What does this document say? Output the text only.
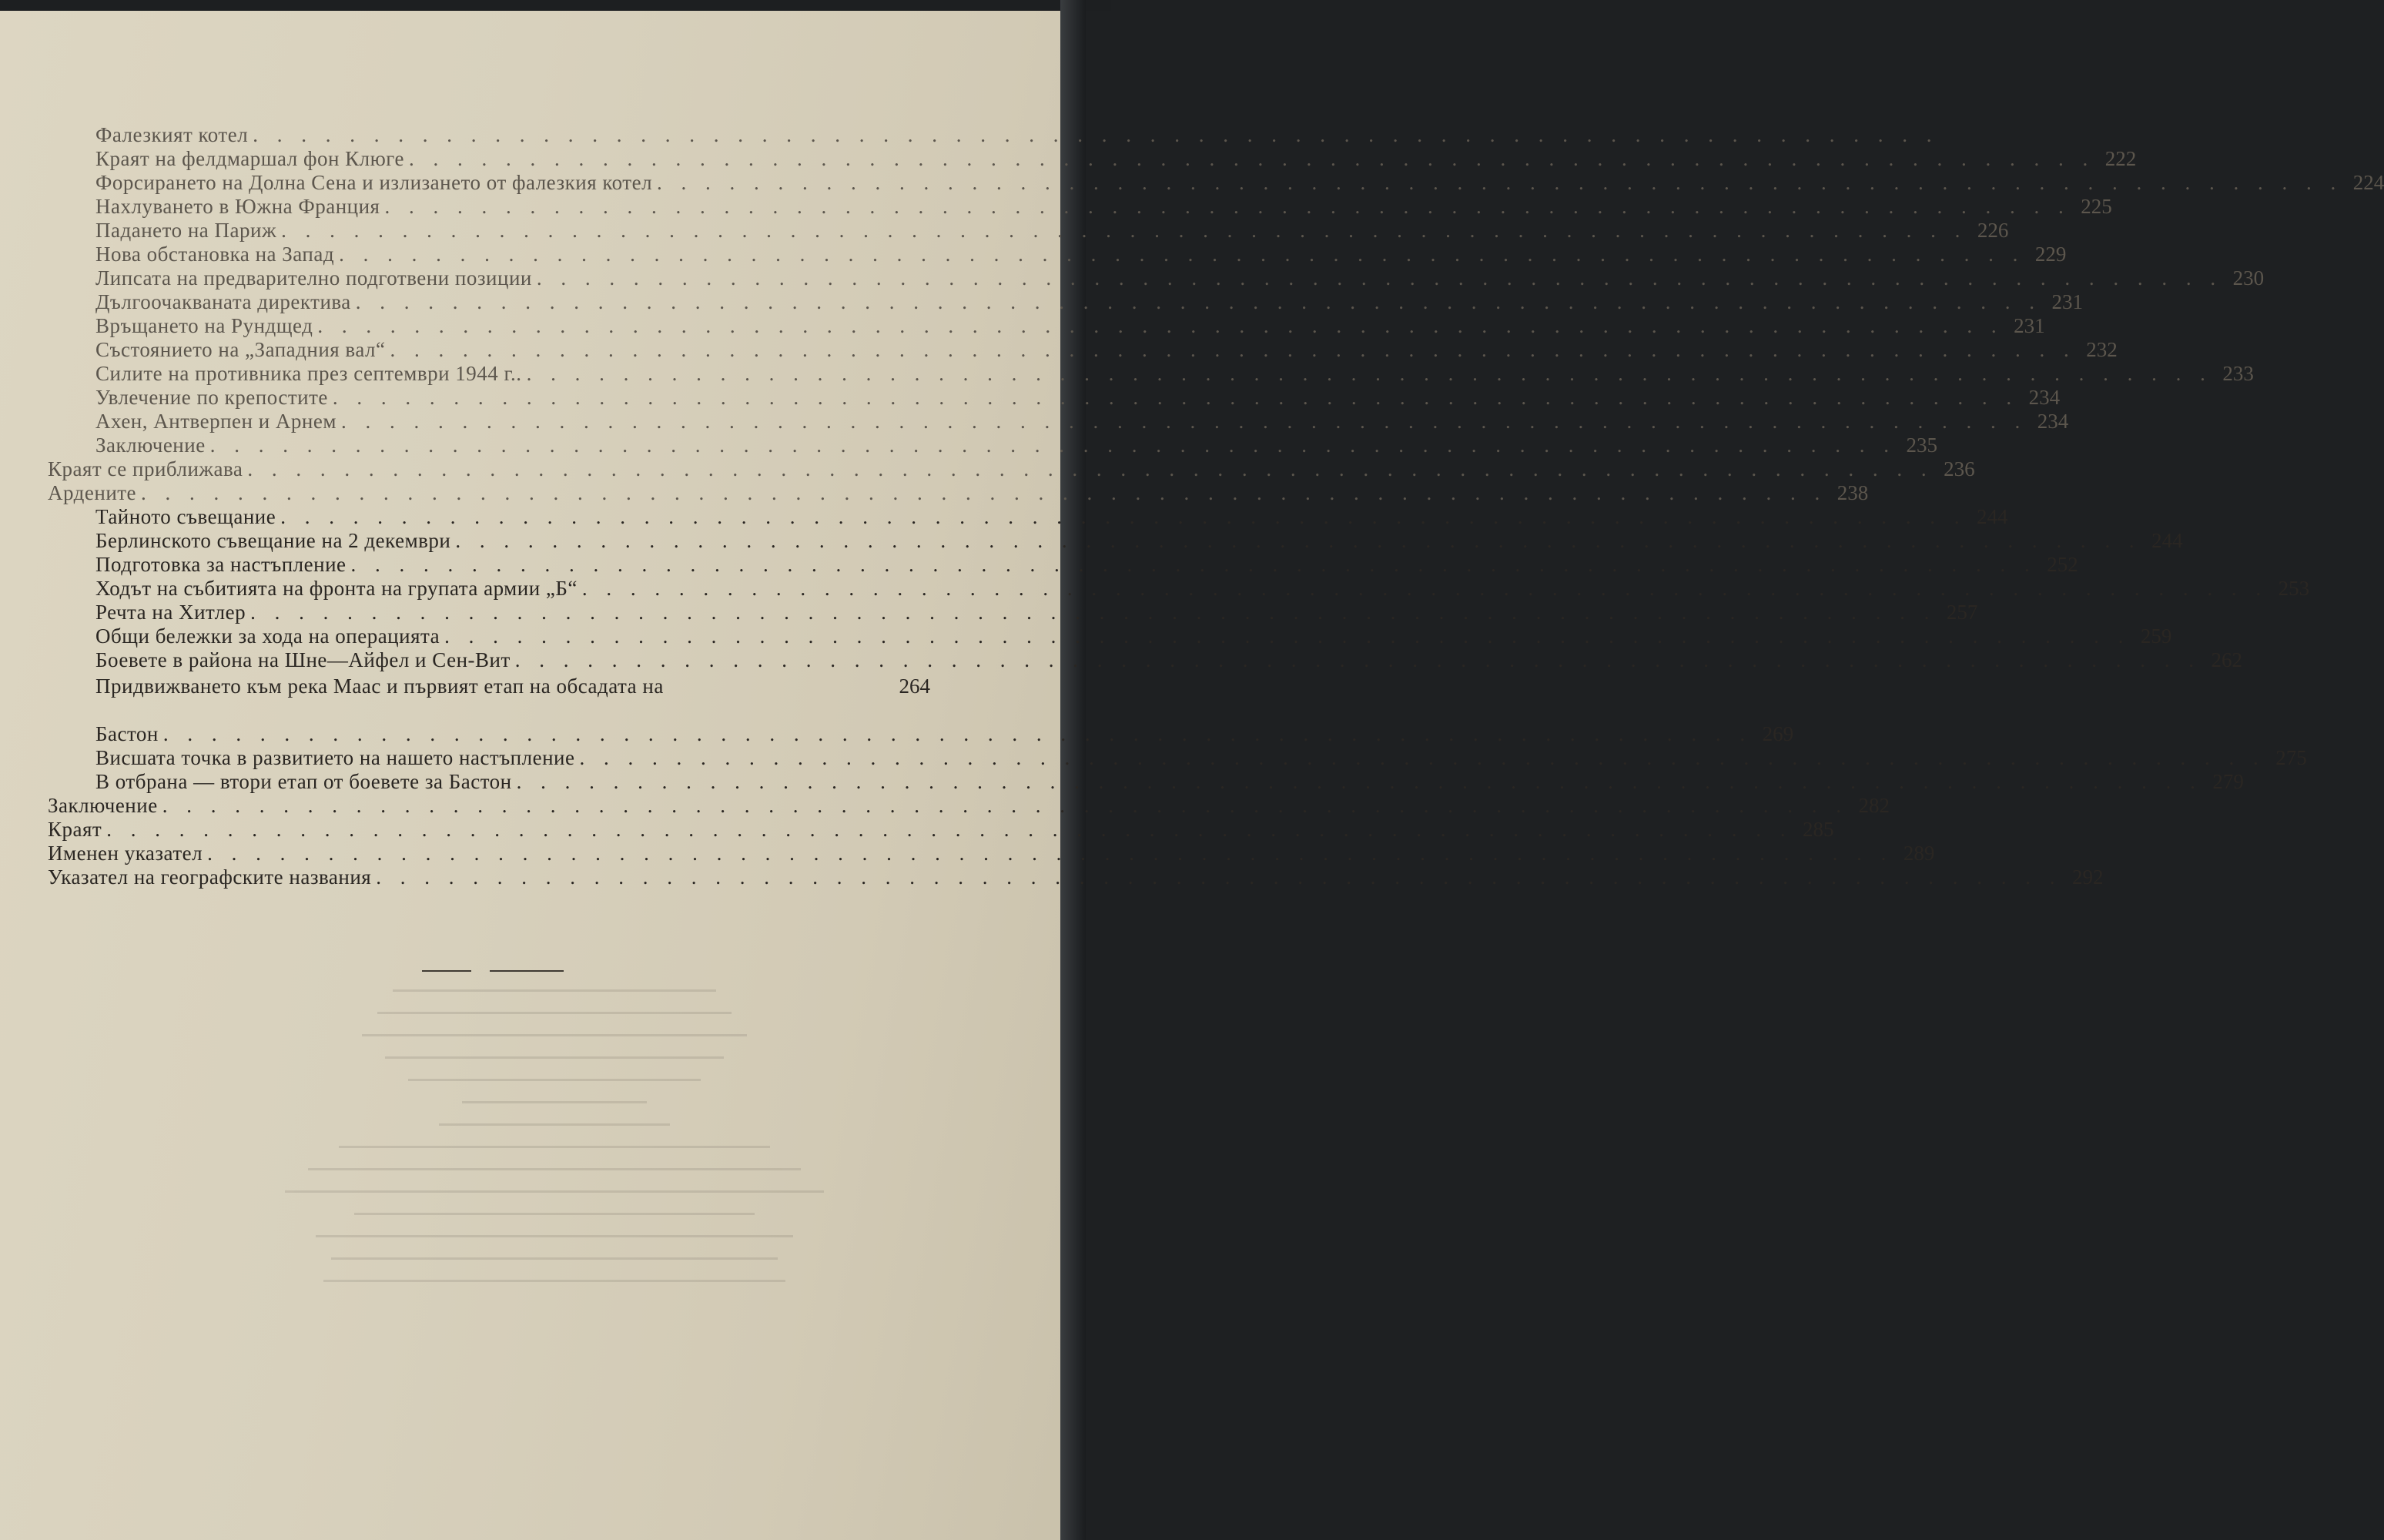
Фалезкият котел . . . . . . . . . . . . . . . . . . . . . . . . . . . . . . . . . . . . . . . . . . . . . . . . . . . . . . . . . . . . . . . . . . . . . .
Краят на фелдмаршал фон Клюге . . . . . . . . . . . . . . . . . . . . . . . . . . . . . . . . . . . . . . . . . . . . . . . . . . . . . . . . . . . . . . . . . . . . . . 222
Форсирането на Долна Сена и излизането от фалезкия котел . . . . . . . . . . . . . . . . . . . . . . . . . . . . . . . . . . . . . . . . . . . . . . . . . . . . . . . . . . . . . . . . . . . . . . 224
Нахлуването в Южна Франция . . . . . . . . . . . . . . . . . . . . . . . . . . . . . . . . . . . . . . . . . . . . . . . . . . . . . . . . . . . . . . . . . . . . . . 225
Падането на Париж . . . . . . . . . . . . . . . . . . . . . . . . . . . . . . . . . . . . . . . . . . . . . . . . . . . . . . . . . . . . . . . . . . . . . . 226
Нова обстановка на Запад . . . . . . . . . . . . . . . . . . . . . . . . . . . . . . . . . . . . . . . . . . . . . . . . . . . . . . . . . . . . . . . . . . . . . . 229
Липсата на предварително подготвени позиции . . . . . . . . . . . . . . . . . . . . . . . . . . . . . . . . . . . . . . . . . . . . . . . . . . . . . . . . . . . . . . . . . . . . . . 230
Дългоочакваната директива . . . . . . . . . . . . . . . . . . . . . . . . . . . . . . . . . . . . . . . . . . . . . . . . . . . . . . . . . . . . . . . . . . . . . . 231
Връщането на Рундщед . . . . . . . . . . . . . . . . . . . . . . . . . . . . . . . . . . . . . . . . . . . . . . . . . . . . . . . . . . . . . . . . . . . . . . 231
Състоянието на „Западния вал“ . . . . . . . . . . . . . . . . . . . . . . . . . . . . . . . . . . . . . . . . . . . . . . . . . . . . . . . . . . . . . . . . . . . . . . 232
Силите на противника през септември 1944 г.. . . . . . . . . . . . . . . . . . . . . . . . . . . . . . . . . . . . . . . . . . . . . . . . . . . . . . . . . . . . . . . . . . . . . . . 233
Увлечение по крепостите . . . . . . . . . . . . . . . . . . . . . . . . . . . . . . . . . . . . . . . . . . . . . . . . . . . . . . . . . . . . . . . . . . . . . . 234
Ахен, Антверпен и Арнем . . . . . . . . . . . . . . . . . . . . . . . . . . . . . . . . . . . . . . . . . . . . . . . . . . . . . . . . . . . . . . . . . . . . . . 234
Заключение . . . . . . . . . . . . . . . . . . . . . . . . . . . . . . . . . . . . . . . . . . . . . . . . . . . . . . . . . . . . . . . . . . . . . . 235
Краят се приближава . . . . . . . . . . . . . . . . . . . . . . . . . . . . . . . . . . . . . . . . . . . . . . . . . . . . . . . . . . . . . . . . . . . . . . 236
Ардените . . . . . . . . . . . . . . . . . . . . . . . . . . . . . . . . . . . . . . . . . . . . . . . . . . . . . . . . . . . . . . . . . . . . . . 238
Тайното съвещание . . . . . . . . . . . . . . . . . . . . . . . . . . . . . . . . . . . . . . . . . . . . . . . . . . . . . . . . . . . . . . . . . . . . . . 244
Берлинското съвещание на 2 декември . . . . . . . . . . . . . . . . . . . . . . . . . . . . . . . . . . . . . . . . . . . . . . . . . . . . . . . . . . . . . . . . . . . . . . 244
Подготовка за настъпление . . . . . . . . . . . . . . . . . . . . . . . . . . . . . . . . . . . . . . . . . . . . . . . . . . . . . . . . . . . . . . . . . . . . . . 252
Ходът на събитията на фронта на групата армии „Б“ . . . . . . . . . . . . . . . . . . . . . . . . . . . . . . . . . . . . . . . . . . . . . . . . . . . . . . . . . . . . . . . . . . . . . . 253
Речта на Хитлер . . . . . . . . . . . . . . . . . . . . . . . . . . . . . . . . . . . . . . . . . . . . . . . . . . . . . . . . . . . . . . . . . . . . . . 257
Общи бележки за хода на операцията . . . . . . . . . . . . . . . . . . . . . . . . . . . . . . . . . . . . . . . . . . . . . . . . . . . . . . . . . . . . . . . . . . . . . . 259
Боевете в района на Шне—Айфел и Сен-Вит . . . . . . . . . . . . . . . . . . . . . . . . . . . . . . . . . . . . . . . . . . . . . . . . . . . . . . . . . . . . . . . . . . . . . . 262
Придвижването към река Маас и първият етап на обсадата на	264
Висшата точка в развитието на нашето настъпление . . . . . . . . . . . . . . . . . . . . . . . . . . . . . . . . . . . . . . . . . . . . . . . . . . . . . . . . . . . . . . . . . . . . . . 275
В отбрана — втори етап от боевете за Бастон . . . . . . . . . . . . . . . . . . . . . . . . . . . . . . . . . . . . . . . . . . . . . . . . . . . . . . . . . . . . . . . . . . . . . . 279
Заключение . . . . . . . . . . . . . . . . . . . . . . . . . . . . . . . . . . . . . . . . . . . . . . . . . . . . . . . . . . . . . . . . . . . . . . 282
Краят . . . . . . . . . . . . . . . . . . . . . . . . . . . . . . . . . . . . . . . . . . . . . . . . . . . . . . . . . . . . . . . . . . . . . . 285
Именен указател . . . . . . . . . . . . . . . . . . . . . . . . . . . . . . . . . . . . . . . . . . . . . . . . . . . . . . . . . . . . . . . . . . . . . . 289
Указател на географските названия . . . . . . . . . . . . . . . . . . . . . . . . . . . . . . . . . . . . . . . . . . . . . . . . . . . . . . . . . . . . . . . . . . . . . . 292
Бастон . . . . . . . . . . . . . . . . . . . . . . . . . . . . . . . . . . . . . . . . . . . . . . . . . . . . . . . . . . . . . . . . . . 269
